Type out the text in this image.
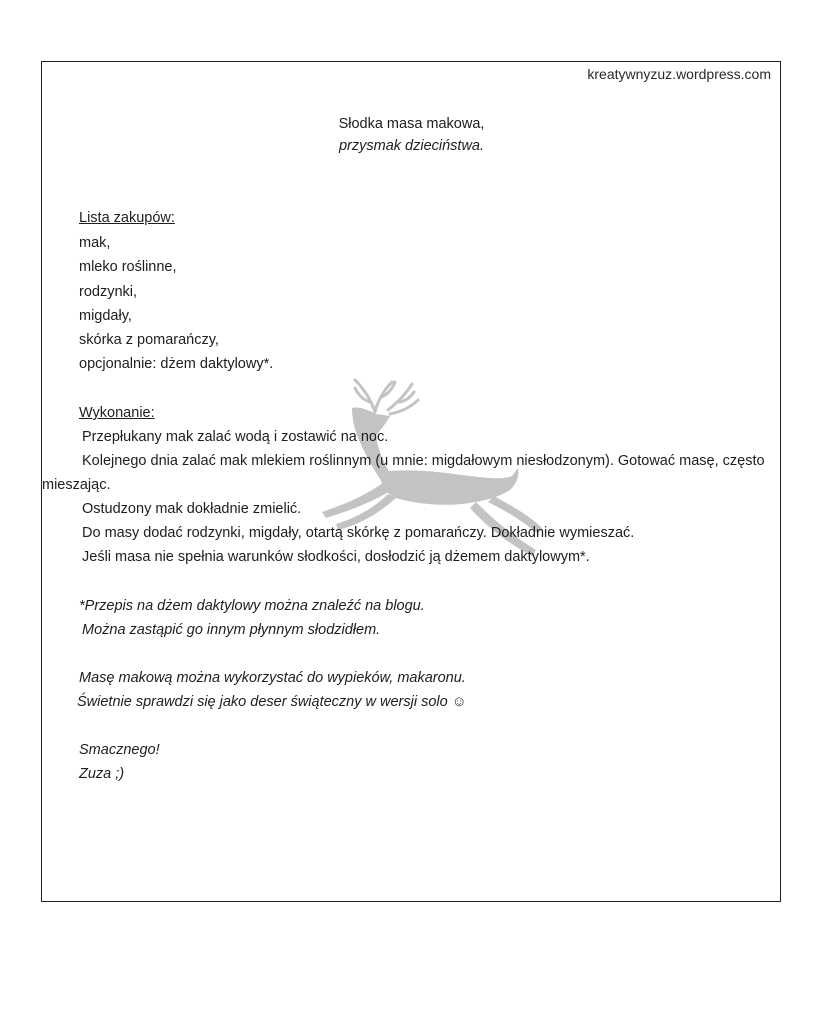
kreatywnyzuz.wordpress.com
Słodka masa makowa,
przysmak dzieciństwa.
Lista zakupów:
mak,
mleko roślinne,
rodzynki,
migdały,
skórka z pomarańczy,
opcjonalnie: dżem daktylowy*.
Wykonanie:
Przepłukany mak zalać wodą i zostawić na noc.
Kolejnego dnia zalać mak mlekiem roślinnym (u mnie: migdałowym niesłodzonym). Gotować masę, często
mieszając.
Ostudzony mak dokładnie zmielić.
Do masy dodać rodzynki, migdały, otartą skórkę z pomarańczy. Dokładnie wymieszać.
Jeśli masa nie spełnia warunków słodkości, dosłodzić ją dżemem daktylowym*.
*Przepis na dżem daktylowy można znaleźć na blogu.
Można zastąpić go innym płynnym słodzidłem.
Masę makową można wykorzystać do wypieków, makaronu.
Świetnie sprawdzi się jako deser świąteczny w wersji solo ☺
Smacznego!
Zuza ;)
